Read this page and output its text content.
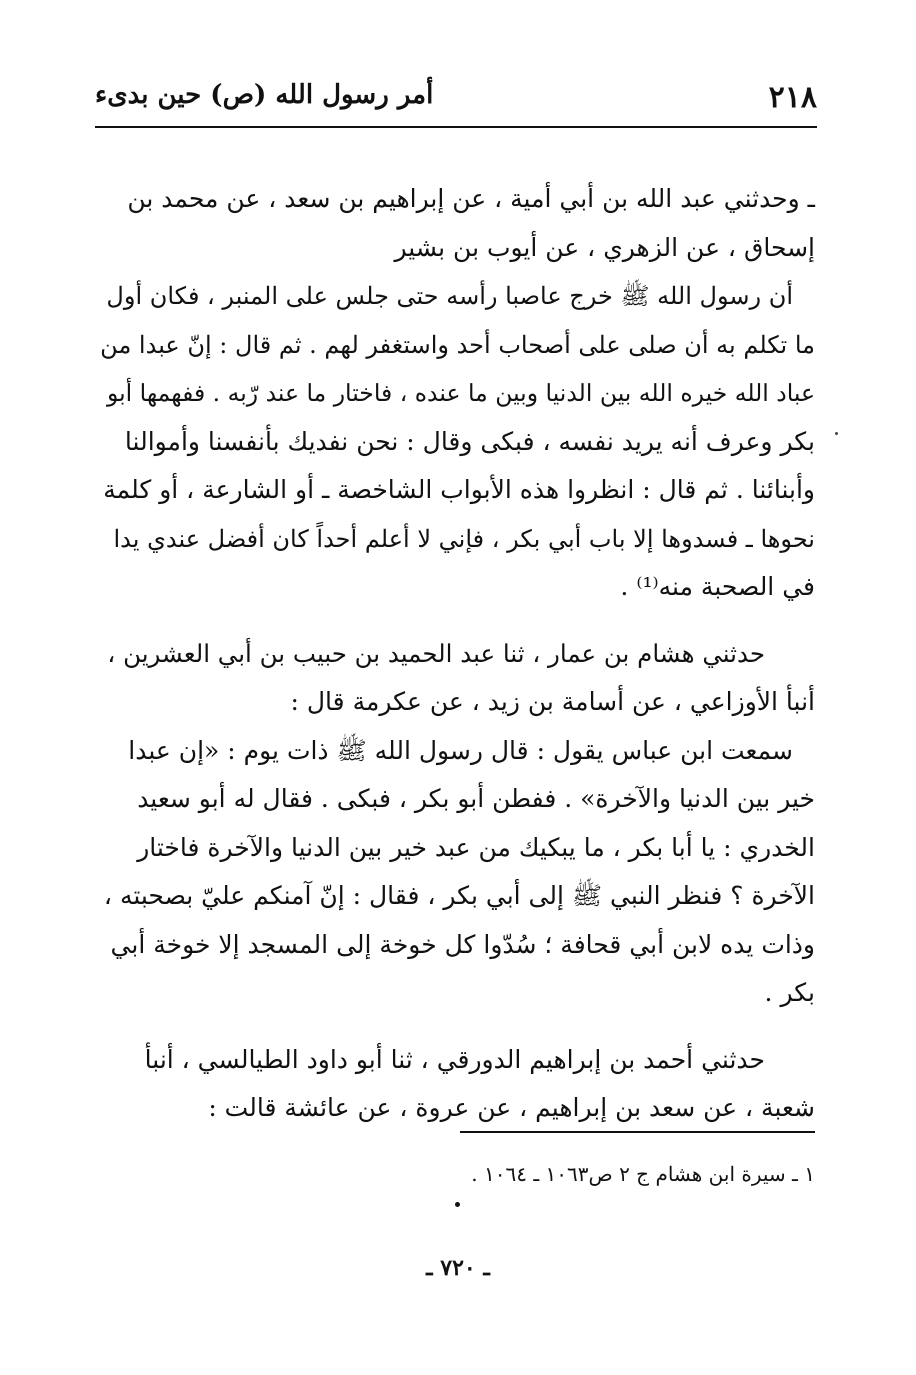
٢١٨
أمر رسول الله (ص) حين بدىء

ـ وحدثني عبد الله بن أبي أمية ، عن إبراهيم بن سعد ، عن محمد بن
إسحاق ، عن الزهري ، عن أيوب بن بشير

أن رسول الله ﷺ خرج عاصبا رأسه حتى جلس على المنبر ، فكان أول
ما تكلم به أن صلى على أصحاب أحد واستغفر لهم . ثم قال : إنّ عبدا من
عباد الله خيره الله بين الدنيا وبين ما عنده ، فاختار ما عند رّبه . ففهمها أبو
بكر وعرف أنه يريد نفسه ، فبكى وقال : نحن نفديك بأنفسنا وأموالنا
وأبنائنا . ثم قال : انظروا هذه الأبواب الشاخصة ـ أو الشارعة ، أو كلمة
نحوها ـ فسدوها إلا باب أبي بكر ، فإني لا أعلم أحداً كان أفضل عندي يدا
في الصحبة منه⁽¹⁾ .

حدثني هشام بن عمار ، ثنا عبد الحميد بن حبيب بن أبي العشرين ،
أنبأ الأوزاعي ، عن أسامة بن زيد ، عن عكرمة قال :

سمعت ابن عباس يقول : قال رسول الله ﷺ ذات يوم : «إن عبدا
خير بين الدنيا والآخرة» . ففطن أبو بكر ، فبكى . فقال له أبو سعيد
الخدري : يا أبا بكر ، ما يبكيك من عبد خير بين الدنيا والآخرة فاختار
الآخرة ؟ فنظر النبي ﷺ إلى أبي بكر ، فقال : إنّ آمنكم عليّ بصحبته ،
وذات يده لابن أبي قحافة ؛ سُدّوا كل خوخة إلى المسجد إلا خوخة أبي
بكر .

حدثني أحمد بن إبراهيم الدورقي ، ثنا أبو داود الطيالسي ، أنبأ
شعبة ، عن سعد بن إبراهيم ، عن عروة ، عن عائشة قالت :

١ ـ سيرة ابن هشام ج ٢ ص١٠٦٣ ـ ١٠٦٤ .
ـ ٧٢٠ ـ
